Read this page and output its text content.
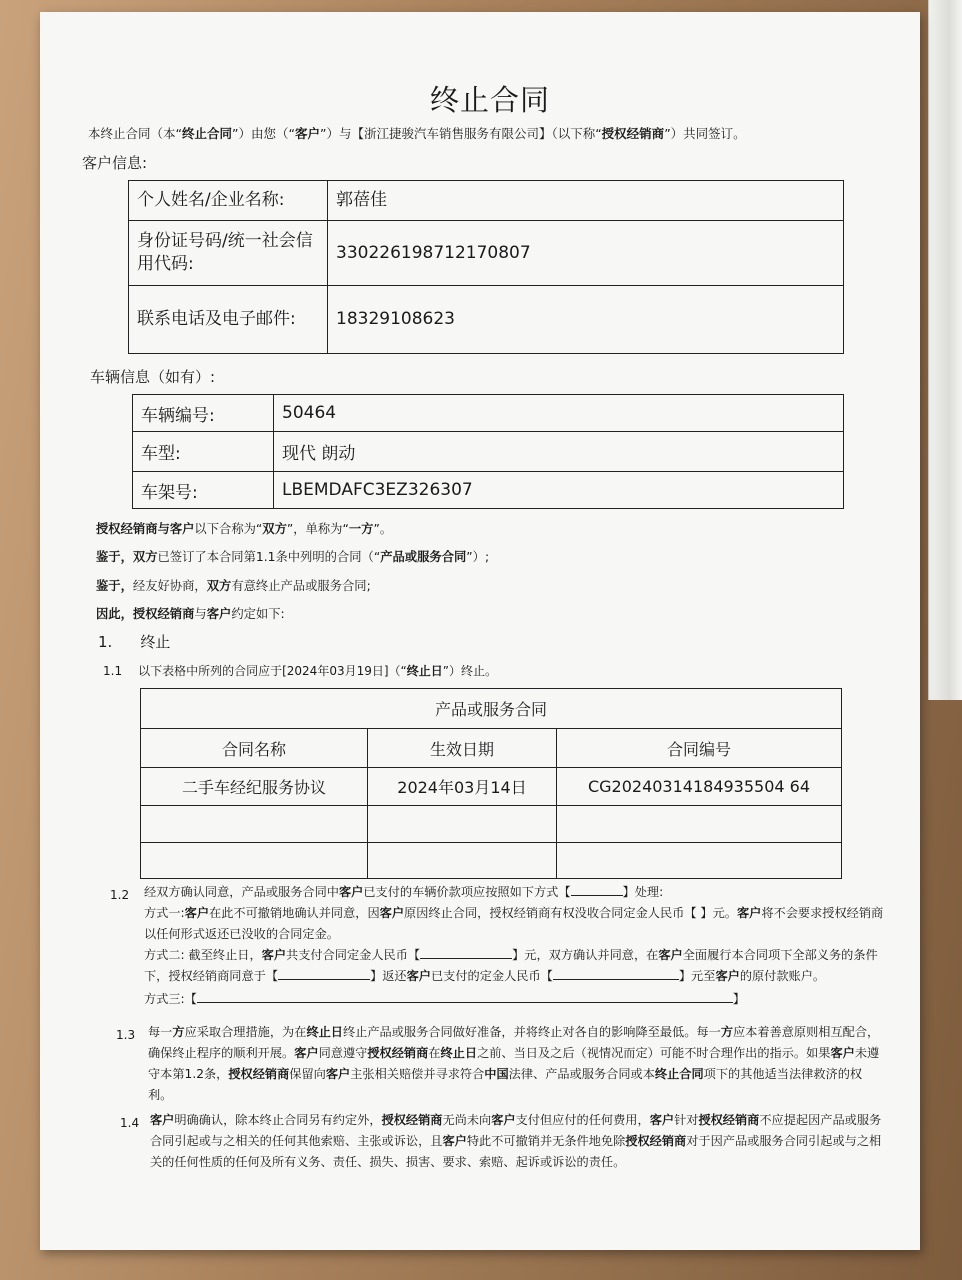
终止合同
本终止合同（本“终止合同”）由您（“客户”）与【浙江捷骏汽车销售服务有限公司】（以下称“授权经销商”）共同签订。
客户信息:
个人姓名/企业名称:	郭蓓佳
身份证号码/统一社会信用代码:	330226198712170807
联系电话及电子邮件:	18329108623
车辆信息（如有）:
车辆编号:	50464
车型:	现代 朗动
车架号:	LBEMDAFC3EZ326307
授权经销商与客户以下合称为“双方”，单称为“一方”。
鉴于，双方已签订了本合同第1.1条中列明的合同（“产品或服务合同”）;
鉴于，经友好协商，双方有意终止产品或服务合同;
因此，授权经销商与客户约定如下:
1. 终止
1.1 以下表格中所列的合同应于[2024年03月19日]（“终止日”）终止。
产品或服务合同		
合同名称	生效日期	合同编号
二手车经纪服务协议	2024年03月14日	CG20240314184935504 64

1.2 经双方确认同意，产品或服务合同中客户已支付的车辆价款项应按照如下方式【	】处理:
方式一:客户在此不可撤销地确认并同意，因客户原因终止合同，授权经销商有权没收合同定金人民币【 】元。客户将不会要求授权经销商以任何形式返还已没收的合同定金。
方式二: 截至终止日，客户共支付合同定金人民币【	】元，双方确认并同意，在客户全面履行本合同项下全部义务的条件下，授权经销商同意于【	】返还客户已支付的定金人民币【	】元至客户的原付款账户。
方式三:【	】
1.3 每一方应采取合理措施，为在终止日终止产品或服务合同做好准备，并将终止对各自的影响降至最低。每一方应本着善意原则相互配合，确保终止程序的顺利开展。客户同意遵守授权经销商在终止日之前、当日及之后（视情况而定）可能不时合理作出的指示。如果客户未遵守本第1.2条，授权经销商保留向客户主张相关赔偿并寻求符合中国法律、产品或服务合同或本终止合同项下的其他适当法律救济的权利。
1.4 客户明确确认，除本终止合同另有约定外，授权经销商无尚未向客户支付但应付的任何费用，客户针对授权经销商不应提起因产品或服务合同引起或与之相关的任何其他索赔、主张或诉讼，且客户特此不可撤销并无条件地免除授权经销商对于因产品或服务合同引起或与之相关的任何性质的任何及所有义务、责任、损失、损害、要求、索赔、起诉或诉讼的责任。
